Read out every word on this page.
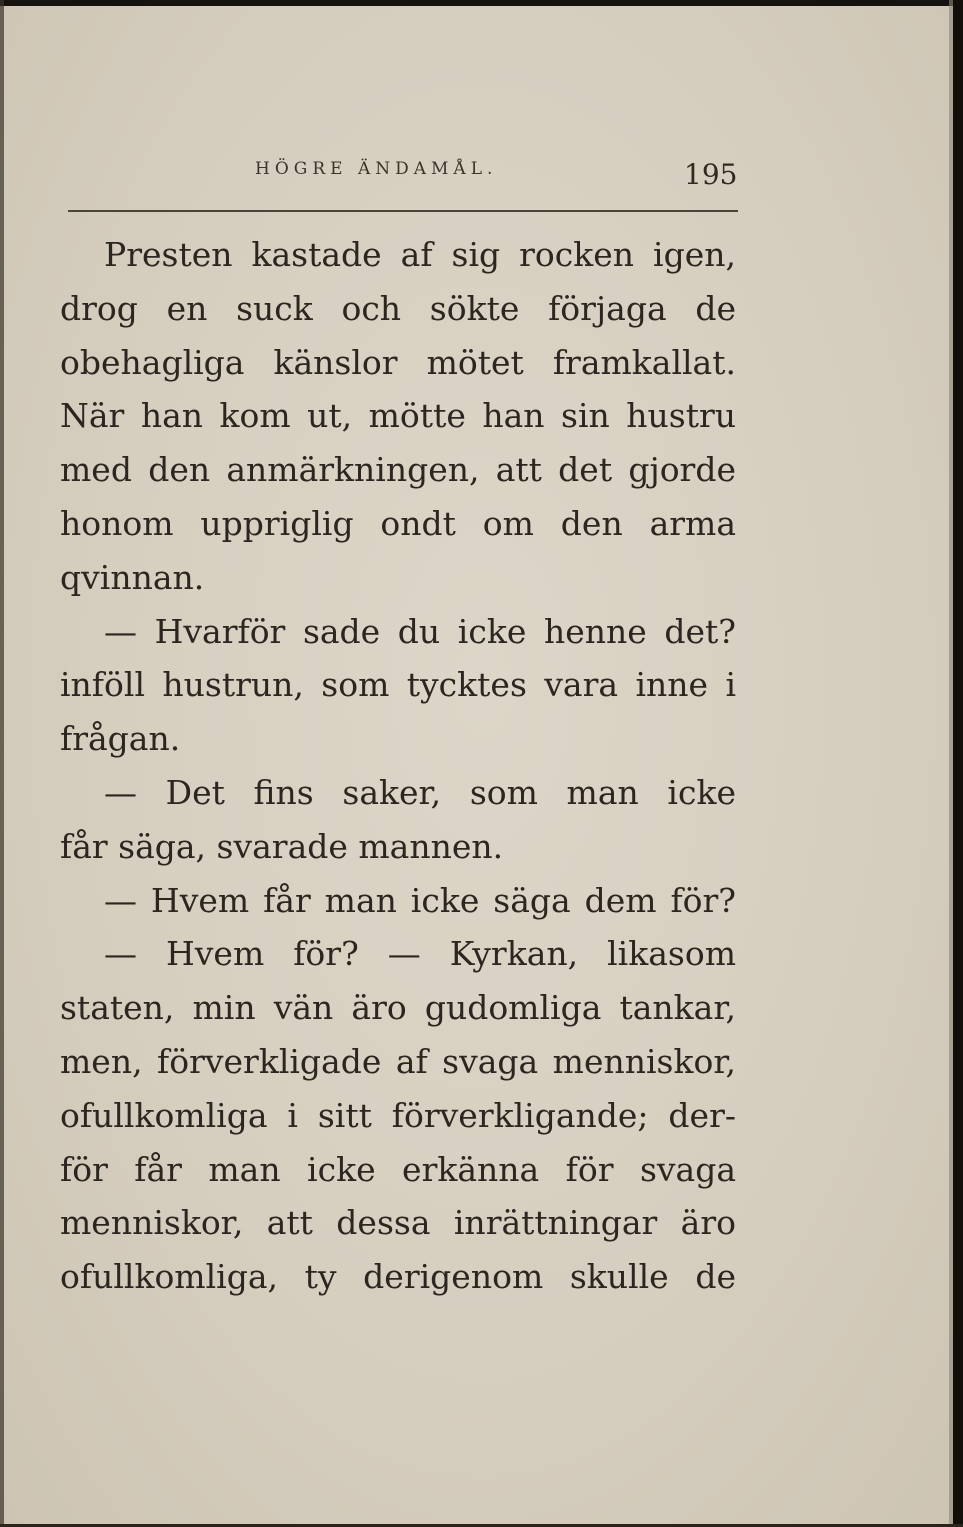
HÖGRE ÄNDAMÅL.	195
Presten kastade af sig rocken igen,
drog en suck och sökte förjaga de
obehagliga känslor mötet framkallat.
När han kom ut, mötte han sin hustru
med den anmärkningen, att det gjorde
honom uppriglig ondt om den arma
qvinnan.
— Hvarför sade du icke henne det?
inföll hustrun, som tycktes vara inne i
frågan.
— Det fins saker, som man icke
får säga, svarade mannen.
— Hvem får man icke säga dem för?
— Hvem för? — Kyrkan, likasom
staten, min vän äro gudomliga tankar,
men, förverkligade af svaga menniskor,
ofullkomliga i sitt förverkligande; der-
för får man icke erkänna för svaga
menniskor, att dessa inrättningar äro
ofullkomliga, ty derigenom skulle de
